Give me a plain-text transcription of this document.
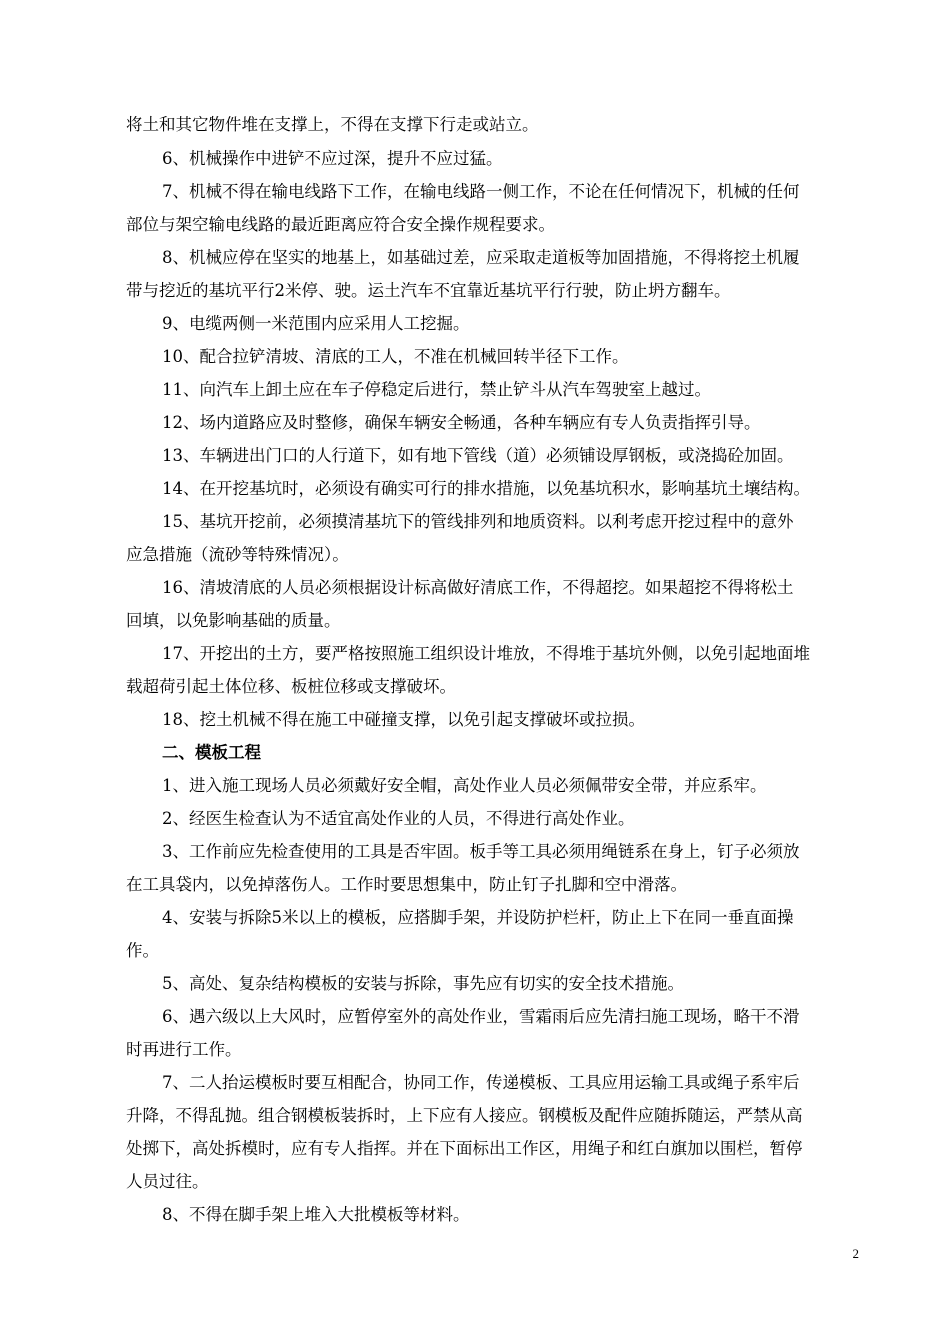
将土和其它物件堆在支撑上，不得在支撑下行走或站立。
6、机械操作中进铲不应过深，提升不应过猛。
7、机械不得在输电线路下工作，在输电线路一侧工作，不论在任何情况下，机械的任何
部位与架空输电线路的最近距离应符合安全操作规程要求。
8、机械应停在坚实的地基上，如基础过差，应采取走道板等加固措施，不得将挖土机履
带与挖近的基坑平行2米停、驶。运土汽车不宜靠近基坑平行行驶，防止坍方翻车。
9、电缆两侧一米范围内应采用人工挖掘。
10、配合拉铲清坡、清底的工人，不准在机械回转半径下工作。
11、向汽车上卸土应在车子停稳定后进行，禁止铲斗从汽车驾驶室上越过。
12、场内道路应及时整修，确保车辆安全畅通，各种车辆应有专人负责指挥引导。
13、车辆进出门口的人行道下，如有地下管线（道）必须铺设厚钢板，或浇捣砼加固。
14、在开挖基坑时，必须设有确实可行的排水措施，以免基坑积水，影响基坑土壤结构。
15、基坑开挖前，必须摸清基坑下的管线排列和地质资料。以利考虑开挖过程中的意外
应急措施（流砂等特殊情况）。
16、清坡清底的人员必须根据设计标高做好清底工作，不得超挖。如果超挖不得将松土
回填，以免影响基础的质量。
17、开挖出的土方，要严格按照施工组织设计堆放，不得堆于基坑外侧，以免引起地面堆
载超荷引起土体位移、板桩位移或支撑破坏。
18、挖土机械不得在施工中碰撞支撑，以免引起支撑破坏或拉损。
二、模板工程
1、进入施工现场人员必须戴好安全帽，高处作业人员必须佩带安全带，并应系牢。
2、经医生检查认为不适宜高处作业的人员，不得进行高处作业。
3、工作前应先检查使用的工具是否牢固。板手等工具必须用绳链系在身上，钉子必须放
在工具袋内，以免掉落伤人。工作时要思想集中，防止钉子扎脚和空中滑落。
4、安装与拆除5米以上的模板，应搭脚手架，并设防护栏杆，防止上下在同一垂直面操
作。
5、高处、复杂结构模板的安装与拆除，事先应有切实的安全技术措施。
6、遇六级以上大风时，应暂停室外的高处作业，雪霜雨后应先清扫施工现场，略干不滑
时再进行工作。
7、二人抬运模板时要互相配合，协同工作，传递模板、工具应用运输工具或绳子系牢后
升降，不得乱抛。组合钢模板装拆时，上下应有人接应。钢模板及配件应随拆随运，严禁从高
处掷下，高处拆模时，应有专人指挥。并在下面标出工作区，用绳子和红白旗加以围栏，暂停
人员过往。
8、不得在脚手架上堆入大批模板等材料。
2
